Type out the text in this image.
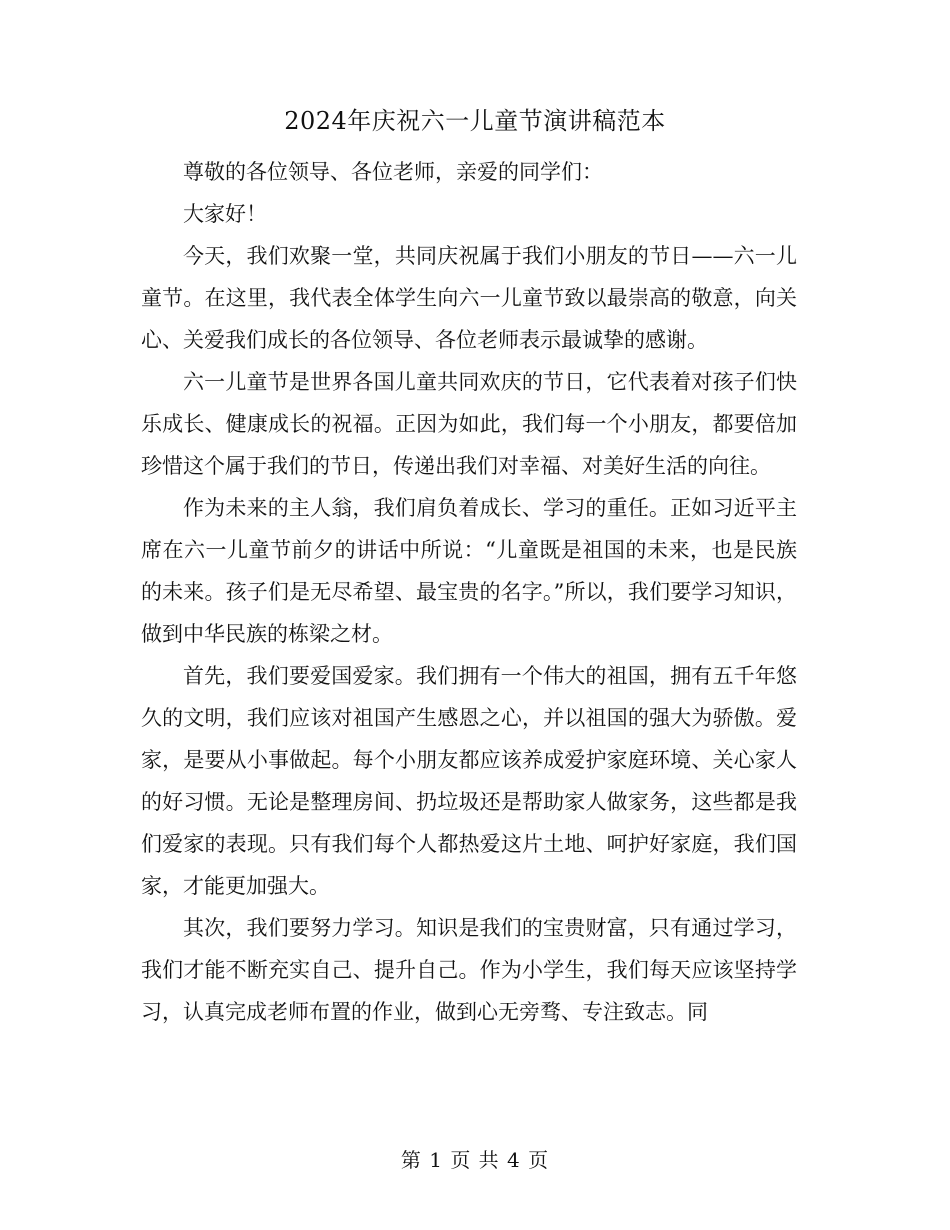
2024年庆祝六一儿童节演讲稿范本

尊敬的各位领导、各位老师，亲爱的同学们：

大家好！

今天，我们欢聚一堂，共同庆祝属于我们小朋友的节日——六一儿童节。在这里，我代表全体学生向六一儿童节致以最崇高的敬意，向关心、关爱我们成长的各位领导、各位老师表示最诚挚的感谢。

六一儿童节是世界各国儿童共同欢庆的节日，它代表着对孩子们快乐成长、健康成长的祝福。正因为如此，我们每一个小朋友，都要倍加珍惜这个属于我们的节日，传递出我们对幸福、对美好生活的向往。

作为未来的主人翁，我们肩负着成长、学习的重任。正如习近平主席在六一儿童节前夕的讲话中所说：“儿童既是祖国的未来，也是民族的未来。孩子们是无尽希望、最宝贵的名字。”所以，我们要学习知识，做到中华民族的栋梁之材。

首先，我们要爱国爱家。我们拥有一个伟大的祖国，拥有五千年悠久的文明，我们应该对祖国产生感恩之心，并以祖国的强大为骄傲。爱家，是要从小事做起。每个小朋友都应该养成爱护家庭环境、关心家人的好习惯。无论是整理房间、扔垃圾还是帮助家人做家务，这些都是我们爱家的表现。只有我们每个人都热爱这片土地、呵护好家庭，我们国家，才能更加强大。

其次，我们要努力学习。知识是我们的宝贵财富，只有通过学习，我们才能不断充实自己、提升自己。作为小学生，我们每天应该坚持学习，认真完成老师布置的作业，做到心无旁骛、专注致志。同

第 1 页 共 4 页
